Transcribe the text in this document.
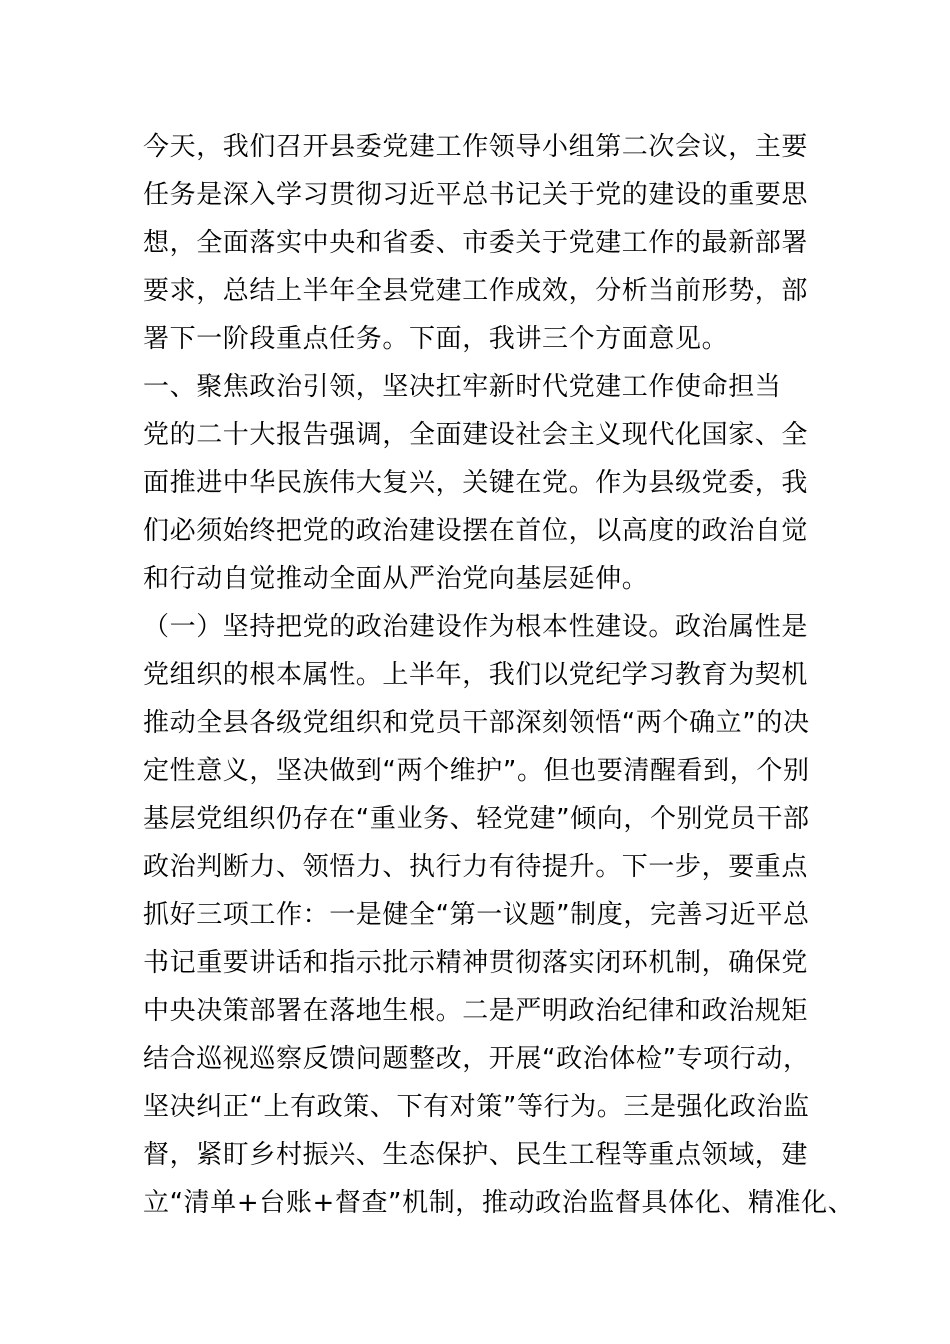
今天，我们召开县委党建工作领导小组第二次会议，主要
任务是深入学习贯彻习近平总书记关于党的建设的重要思
想，全面落实中央和省委、市委关于党建工作的最新部署
要求，总结上半年全县党建工作成效，分析当前形势，部
署下一阶段重点任务。下面，我讲三个方面意见。
一、聚焦政治引领，坚决扛牢新时代党建工作使命担当
党的二十大报告强调，全面建设社会主义现代化国家、全
面推进中华民族伟大复兴，关键在党。作为县级党委，我
们必须始终把党的政治建设摆在首位，以高度的政治自觉
和行动自觉推动全面从严治党向基层延伸。
（一）坚持把党的政治建设作为根本性建设。政治属性是
党组织的根本属性。上半年，我们以党纪学习教育为契机
推动全县各级党组织和党员干部深刻领悟“两个确立”的决
定性意义，坚决做到“两个维护”。但也要清醒看到，个别
基层党组织仍存在“重业务、轻党建”倾向，个别党员干部
政治判断力、领悟力、执行力有待提升。下一步，要重点
抓好三项工作：一是健全“第一议题”制度，完善习近平总
书记重要讲话和指示批示精神贯彻落实闭环机制，确保党
中央决策部署在落地生根。二是严明政治纪律和政治规矩
结合巡视巡察反馈问题整改，开展“政治体检”专项行动，
坚决纠正“上有政策、下有对策”等行为。三是强化政治监
督，紧盯乡村振兴、生态保护、民生工程等重点领域，建
立“清单+台账+督查”机制，推动政治监督具体化、精准化、
